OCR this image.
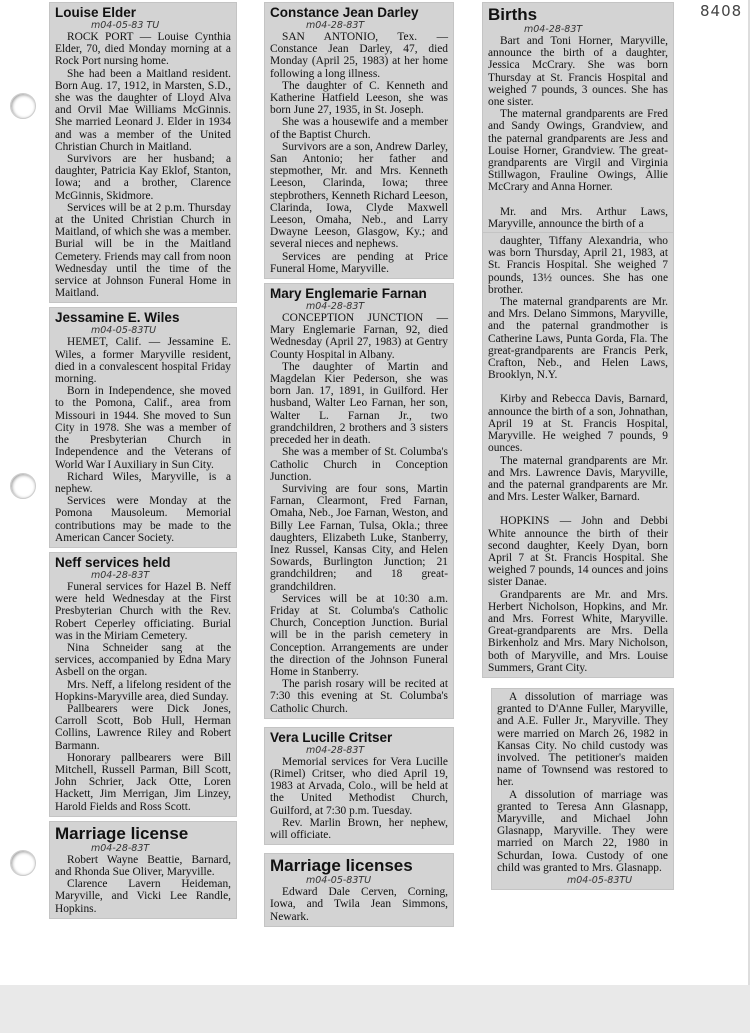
8408
Louise Elder
m04-05-83 TU

ROCK PORT — Louise Cynthia Elder, 70, died Monday morning at a Rock Port nursing home.

She had been a Maitland resident. Born Aug. 17, 1912, in Marsten, S.D., she was the daughter of Lloyd Alva and Orvil Mae Williams McGinnis. She married Leonard J. Elder in 1934 and was a member of the United Christian Church in Maitland.

Survivors are her husband; a daughter, Patricia Kay Eklof, Stanton, Iowa; and a brother, Clarence McGinnis, Skidmore.

Services will be at 2 p.m. Thursday at the United Christian Church in Maitland, of which she was a member. Burial will be in the Maitland Cemetery. Friends may call from noon Wednesday until the time of the service at Johnson Funeral Home in Maitland.

Jessamine E. Wiles
m04-05-83TU

HEMET, Calif. — Jessamine E. Wiles, a former Maryville resident, died in a convalescent hospital Friday morning.

Born in Independence, she moved to the Pomona, Calif., area from Missouri in 1944. She moved to Sun City in 1978. She was a member of the Presbyterian Church in Independence and the Veterans of World War I Auxiliary in Sun City.

Richard Wiles, Maryville, is a nephew.

Services were Monday at the Pomona Mausoleum. Memorial contributions may be made to the American Cancer Society.

Neff services held
m04-28-83T

Funeral services for Hazel B. Neff were held Wednesday at the First Presbyterian Church with the Rev. Robert Ceperley officiating. Burial was in the Miriam Cemetery.

Nina Schneider sang at the services, accompanied by Edna Mary Asbell on the organ.

Mrs. Neff, a lifelong resident of the Hopkins-Maryville area, died Sunday.

Pallbearers were Dick Jones, Carroll Scott, Bob Hull, Herman Collins, Lawrence Riley and Robert Barmann.

Honorary pallbearers were Bill Mitchell, Russell Parman, Bill Scott, John Schrier, Jack Otte, Loren Hackett, Jim Merrigan, Jim Linzey, Harold Fields and Ross Scott.

Marriage license
m04-28-83T

Robert Wayne Beattie, Barnard, and Rhonda Sue Oliver, Maryville.

Clarence Lavern Heideman, Maryville, and Vicki Lee Randle, Hopkins.

Constance Jean Darley
m04-28-83T

SAN ANTONIO, Tex. — Constance Jean Darley, 47, died Monday (April 25, 1983) at her home following a long illness.

The daughter of C. Kenneth and Katherine Hatfield Leeson, she was born June 27, 1935, in St. Joseph.

She was a housewife and a member of the Baptist Church.

Survivors are a son, Andrew Darley, San Antonio; her father and stepmother, Mr. and Mrs. Kenneth Leeson, Clarinda, Iowa; three stepbrothers, Kenneth Richard Leeson, Clarinda, Iowa, Clyde Maxwell Leeson, Omaha, Neb., and Larry Dwayne Leeson, Glasgow, Ky.; and several nieces and nephews.

Services are pending at Price Funeral Home, Maryville.

Mary Englemarie Farnan
m04-28-83T

CONCEPTION JUNCTION — Mary Englemarie Farnan, 92, died Wednesday (April 27, 1983) at Gentry County Hospital in Albany.

The daughter of Martin and Magdelan Kier Pederson, she was born Jan. 17, 1891, in Guilford. Her husband, Walter Leo Farnan, her son, Walter L. Farnan Jr., two grandchildren, 2 brothers and 3 sisters preceded her in death.

She was a member of St. Columba's Catholic Church in Conception Junction.

Surviving are four sons, Martin Farnan, Clearmont, Fred Farnan, Omaha, Neb., Joe Farnan, Weston, and Billy Lee Farnan, Tulsa, Okla.; three daughters, Elizabeth Luke, Stanberry, Inez Russel, Kansas City, and Helen Sowards, Burlington Junction; 21 grandchildren; and 18 great-grandchildren.

Services will be at 10:30 a.m. Friday at St. Columba's Catholic Church, Conception Junction. Burial will be in the parish cemetery in Conception. Arrangements are under the direction of the Johnson Funeral Home in Stanberry.

The parish rosary will be recited at 7:30 this evening at St. Columba's Catholic Church.

Vera Lucille Critser
m04-28-83T

Memorial services for Vera Lucille (Rimel) Critser, who died April 19, 1983 at Arvada, Colo., will be held at the United Methodist Church, Guilford, at 7:30 p.m. Tuesday.

Rev. Marlin Brown, her nephew, will officiate.

Marriage licenses
m04-05-83TU

Edward Dale Cerven, Corning, Iowa, and Twila Jean Simmons, Newark.

Births
m04-28-83T

Bart and Toni Horner, Maryville, announce the birth of a daughter, Jessica McCrary. She was born Thursday at St. Francis Hospital and weighed 7 pounds, 3 ounces. She has one sister.

The maternal grandparents are Fred and Sandy Owings, Grandview, and the paternal grandparents are Jess and Louise Horner, Grandview. The great-grandparents are Virgil and Virginia Stillwagon, Frauline Owings, Allie McCrary and Anna Horner.

Mr. and Mrs. Arthur Laws, Maryville, announce the birth of a

daughter, Tiffany Alexandria, who was born Thursday, April 21, 1983, at St. Francis Hospital. She weighed 7 pounds, 13½ ounces. She has one brother.

The maternal grandparents are Mr. and Mrs. Delano Simmons, Maryville, and the paternal grandmother is Catherine Laws, Punta Gorda, Fla. The great-grandparents are Francis Perk, Crafton, Neb., and Helen Laws, Brooklyn, N.Y.

Kirby and Rebecca Davis, Barnard, announce the birth of a son, Johnathan, April 19 at St. Francis Hospital, Maryville. He weighed 7 pounds, 9 ounces.

The maternal grandparents are Mr. and Mrs. Lawrence Davis, Maryville, and the paternal grandparents are Mr. and Mrs. Lester Walker, Barnard.

HOPKINS — John and Debbi White announce the birth of their second daughter, Keely Dyan, born April 7 at St. Francis Hospital. She weighed 7 pounds, 14 ounces and joins sister Danae.

Grandparents are Mr. and Mrs. Herbert Nicholson, Hopkins, and Mr. and Mrs. Forrest White, Maryville. Great-grandparents are Mrs. Della Birkenholz and Mrs. Mary Nicholson, both of Maryville, and Mrs. Louise Summers, Grant City.

A dissolution of marriage was granted to D'Anne Fuller, Maryville, and A.E. Fuller Jr., Maryville. They were married on March 26, 1982 in Kansas City. No child custody was involved. The petitioner's maiden name of Townsend was restored to her.

A dissolution of marriage was granted to Teresa Ann Glasnapp, Maryville, and Michael John Glasnapp, Maryville. They were married on March 22, 1980 in Schurdan, Iowa. Custody of one child was granted to Mrs. Glasnapp.

m04-05-83TU
